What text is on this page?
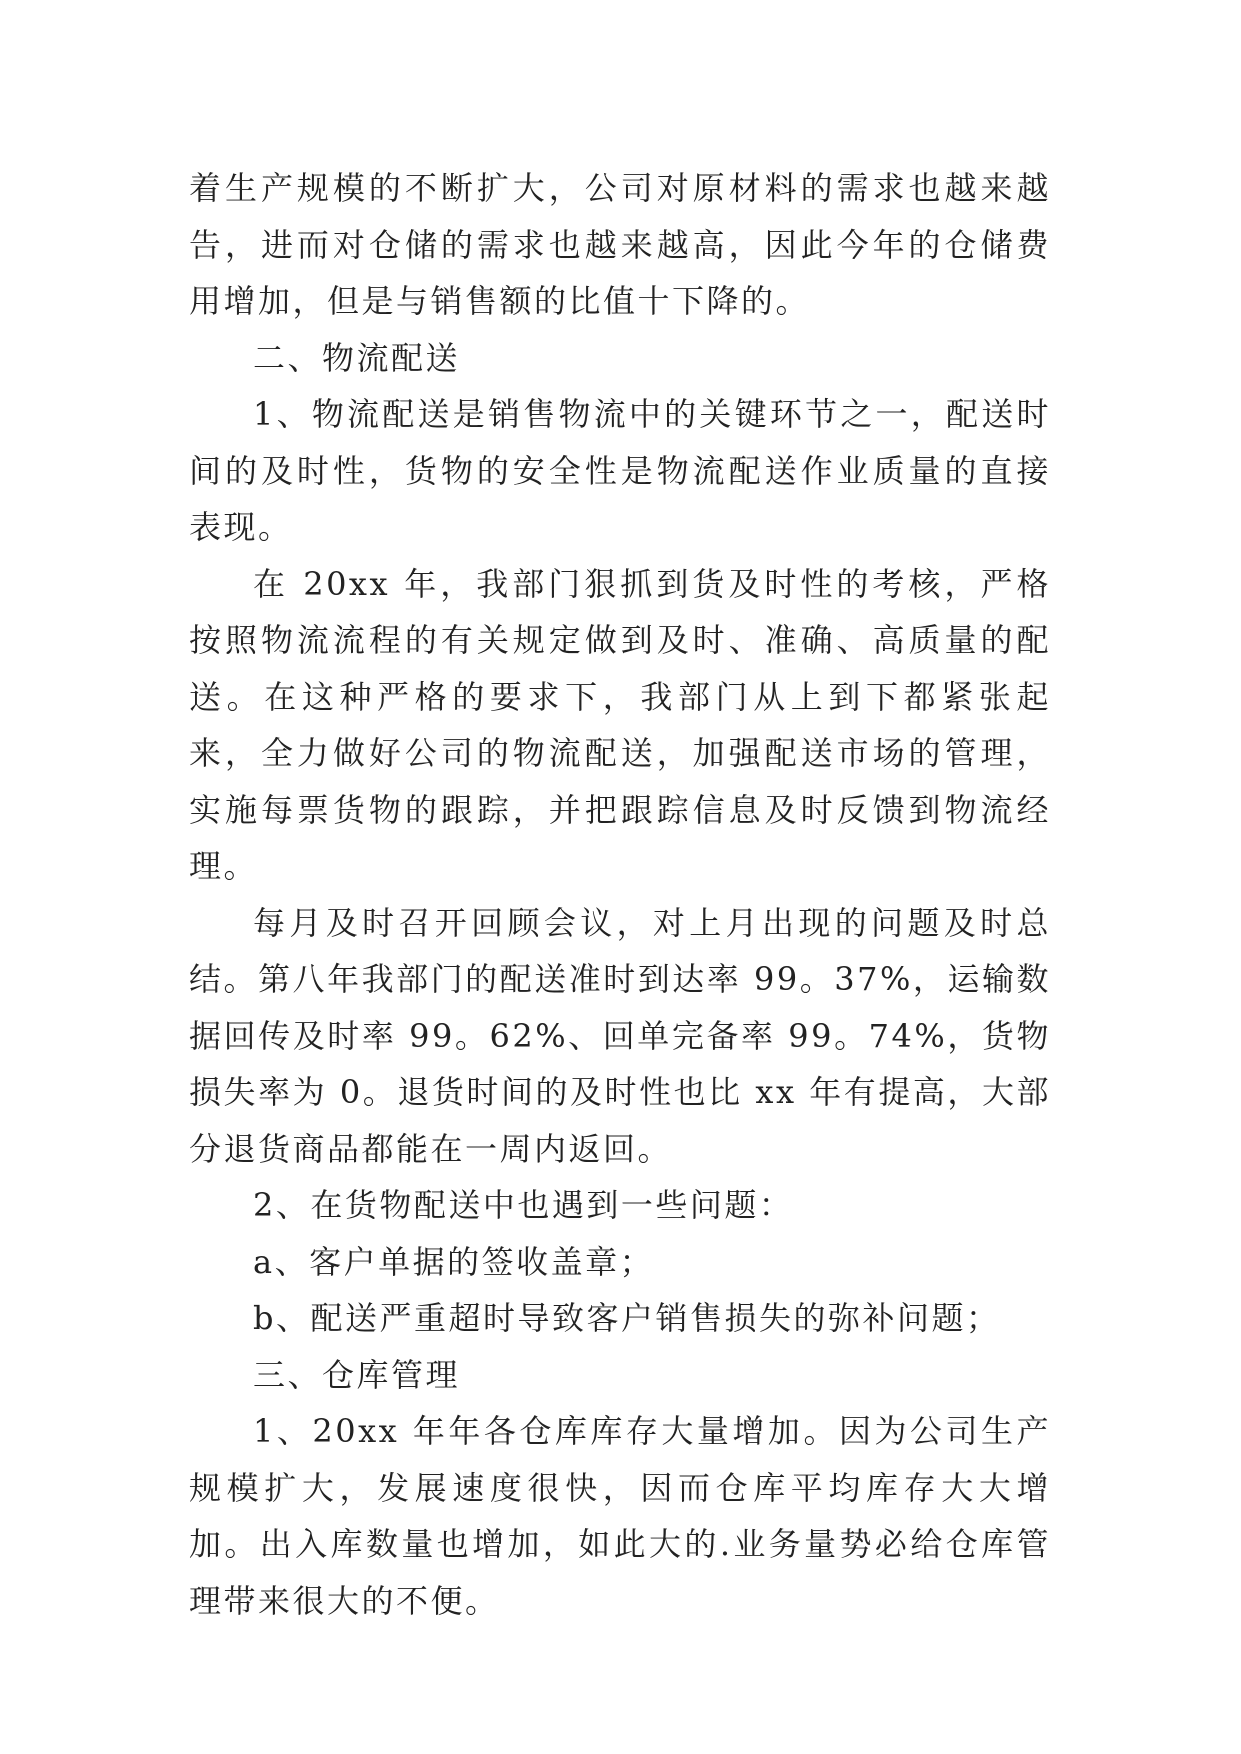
着生产规模的不断扩大，公司对原材料的需求也越来越告，进而对仓储的需求也越来越高，因此今年的仓储费用增加，但是与销售额的比值十下降的。

二、物流配送

1、物流配送是销售物流中的关键环节之一，配送时间的及时性，货物的安全性是物流配送作业质量的直接表现。

在 20xx 年，我部门狠抓到货及时性的考核，严格按照物流流程的有关规定做到及时、准确、高质量的配送。在这种严格的要求下，我部门从上到下都紧张起来，全力做好公司的物流配送，加强配送市场的管理，实施每票货物的跟踪，并把跟踪信息及时反馈到物流经理。

每月及时召开回顾会议，对上月出现的问题及时总结。第八年我部门的配送准时到达率 99。37%，运输数据回传及时率 99。62%、回单完备率 99。74%，货物损失率为 0。退货时间的及时性也比 xx 年有提高，大部分退货商品都能在一周内返回。

2、在货物配送中也遇到一些问题：

a、客户单据的签收盖章；

b、配送严重超时导致客户销售损失的弥补问题；

三、仓库管理

1、20xx 年年各仓库库存大量增加。因为公司生产规模扩大，发展速度很快，因而仓库平均库存大大增加。出入库数量也增加，如此大的.业务量势必给仓库管理带来很大的不便。
